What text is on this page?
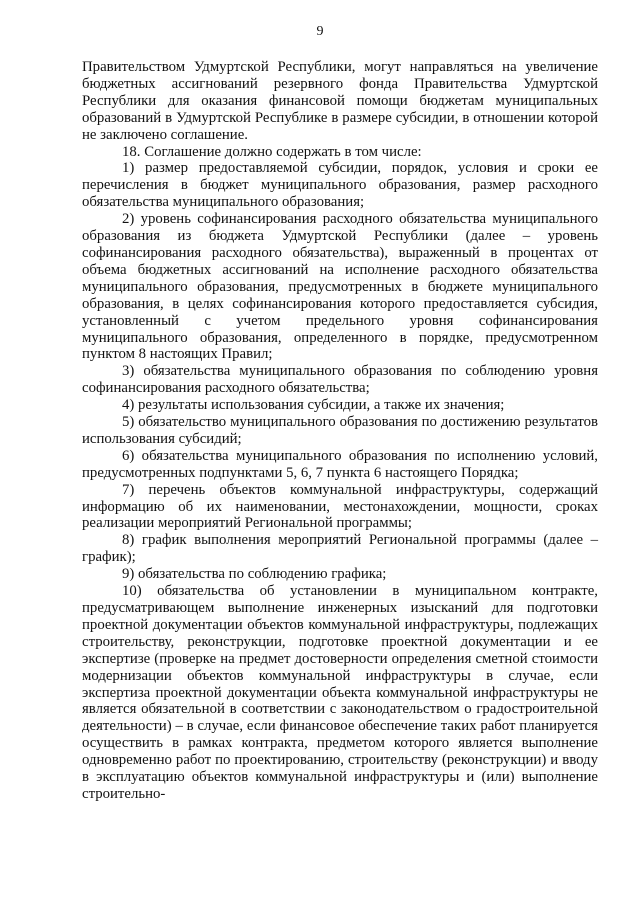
9

Правительством Удмуртской Республики, могут направляться на увеличение бюджетных ассигнований резервного фонда Правительства Удмуртской Республики для оказания финансовой помощи бюджетам муниципальных образований в Удмуртской Республике в размере субсидии, в отношении которой не заключено соглашение.

18. Соглашение должно содержать в том числе:

1) размер предоставляемой субсидии, порядок, условия и сроки ее перечисления в бюджет муниципального образования, размер расходного обязательства муниципального образования;

2) уровень софинансирования расходного обязательства муниципального образования из бюджета Удмуртской Республики (далее – уровень софинансирования расходного обязательства), выраженный в процентах от объема бюджетных ассигнований на исполнение расходного обязательства муниципального образования, предусмотренных в бюджете муниципального образования, в целях софинансирования которого предоставляется субсидия, установленный с учетом предельного уровня софинансирования муниципального образования, определенного в порядке, предусмотренном пунктом 8 настоящих Правил;

3) обязательства муниципального образования по соблюдению уровня софинансирования расходного обязательства;

4) результаты использования субсидии, а также их значения;

5) обязательство муниципального образования по достижению результатов использования субсидий;

6) обязательства муниципального образования по исполнению условий, предусмотренных подпунктами 5, 6, 7 пункта 6 настоящего Порядка;

7) перечень объектов коммунальной инфраструктуры, содержащий информацию об их наименовании, местонахождении, мощности, сроках реализации мероприятий Региональной программы;

8) график выполнения мероприятий Региональной программы (далее – график);

9) обязательства по соблюдению графика;

10) обязательства об установлении в муниципальном контракте, предусматривающем выполнение инженерных изысканий для подготовки проектной документации объектов коммунальной инфраструктуры, подлежащих строительству, реконструкции, подготовке проектной документации и ее экспертизе (проверке на предмет достоверности определения сметной стоимости модернизации объектов коммунальной инфраструктуры в случае, если экспертиза проектной документации объекта коммунальной инфраструктуры не является обязательной в соответствии с законодательством о градостроительной деятельности) – в случае, если финансовое обеспечение таких работ планируется осуществить в рамках контракта, предметом которого является выполнение одновременно работ по проектированию, строительству (реконструкции) и вводу в эксплуатацию объектов коммунальной инфраструктуры и (или) выполнение строительно-
